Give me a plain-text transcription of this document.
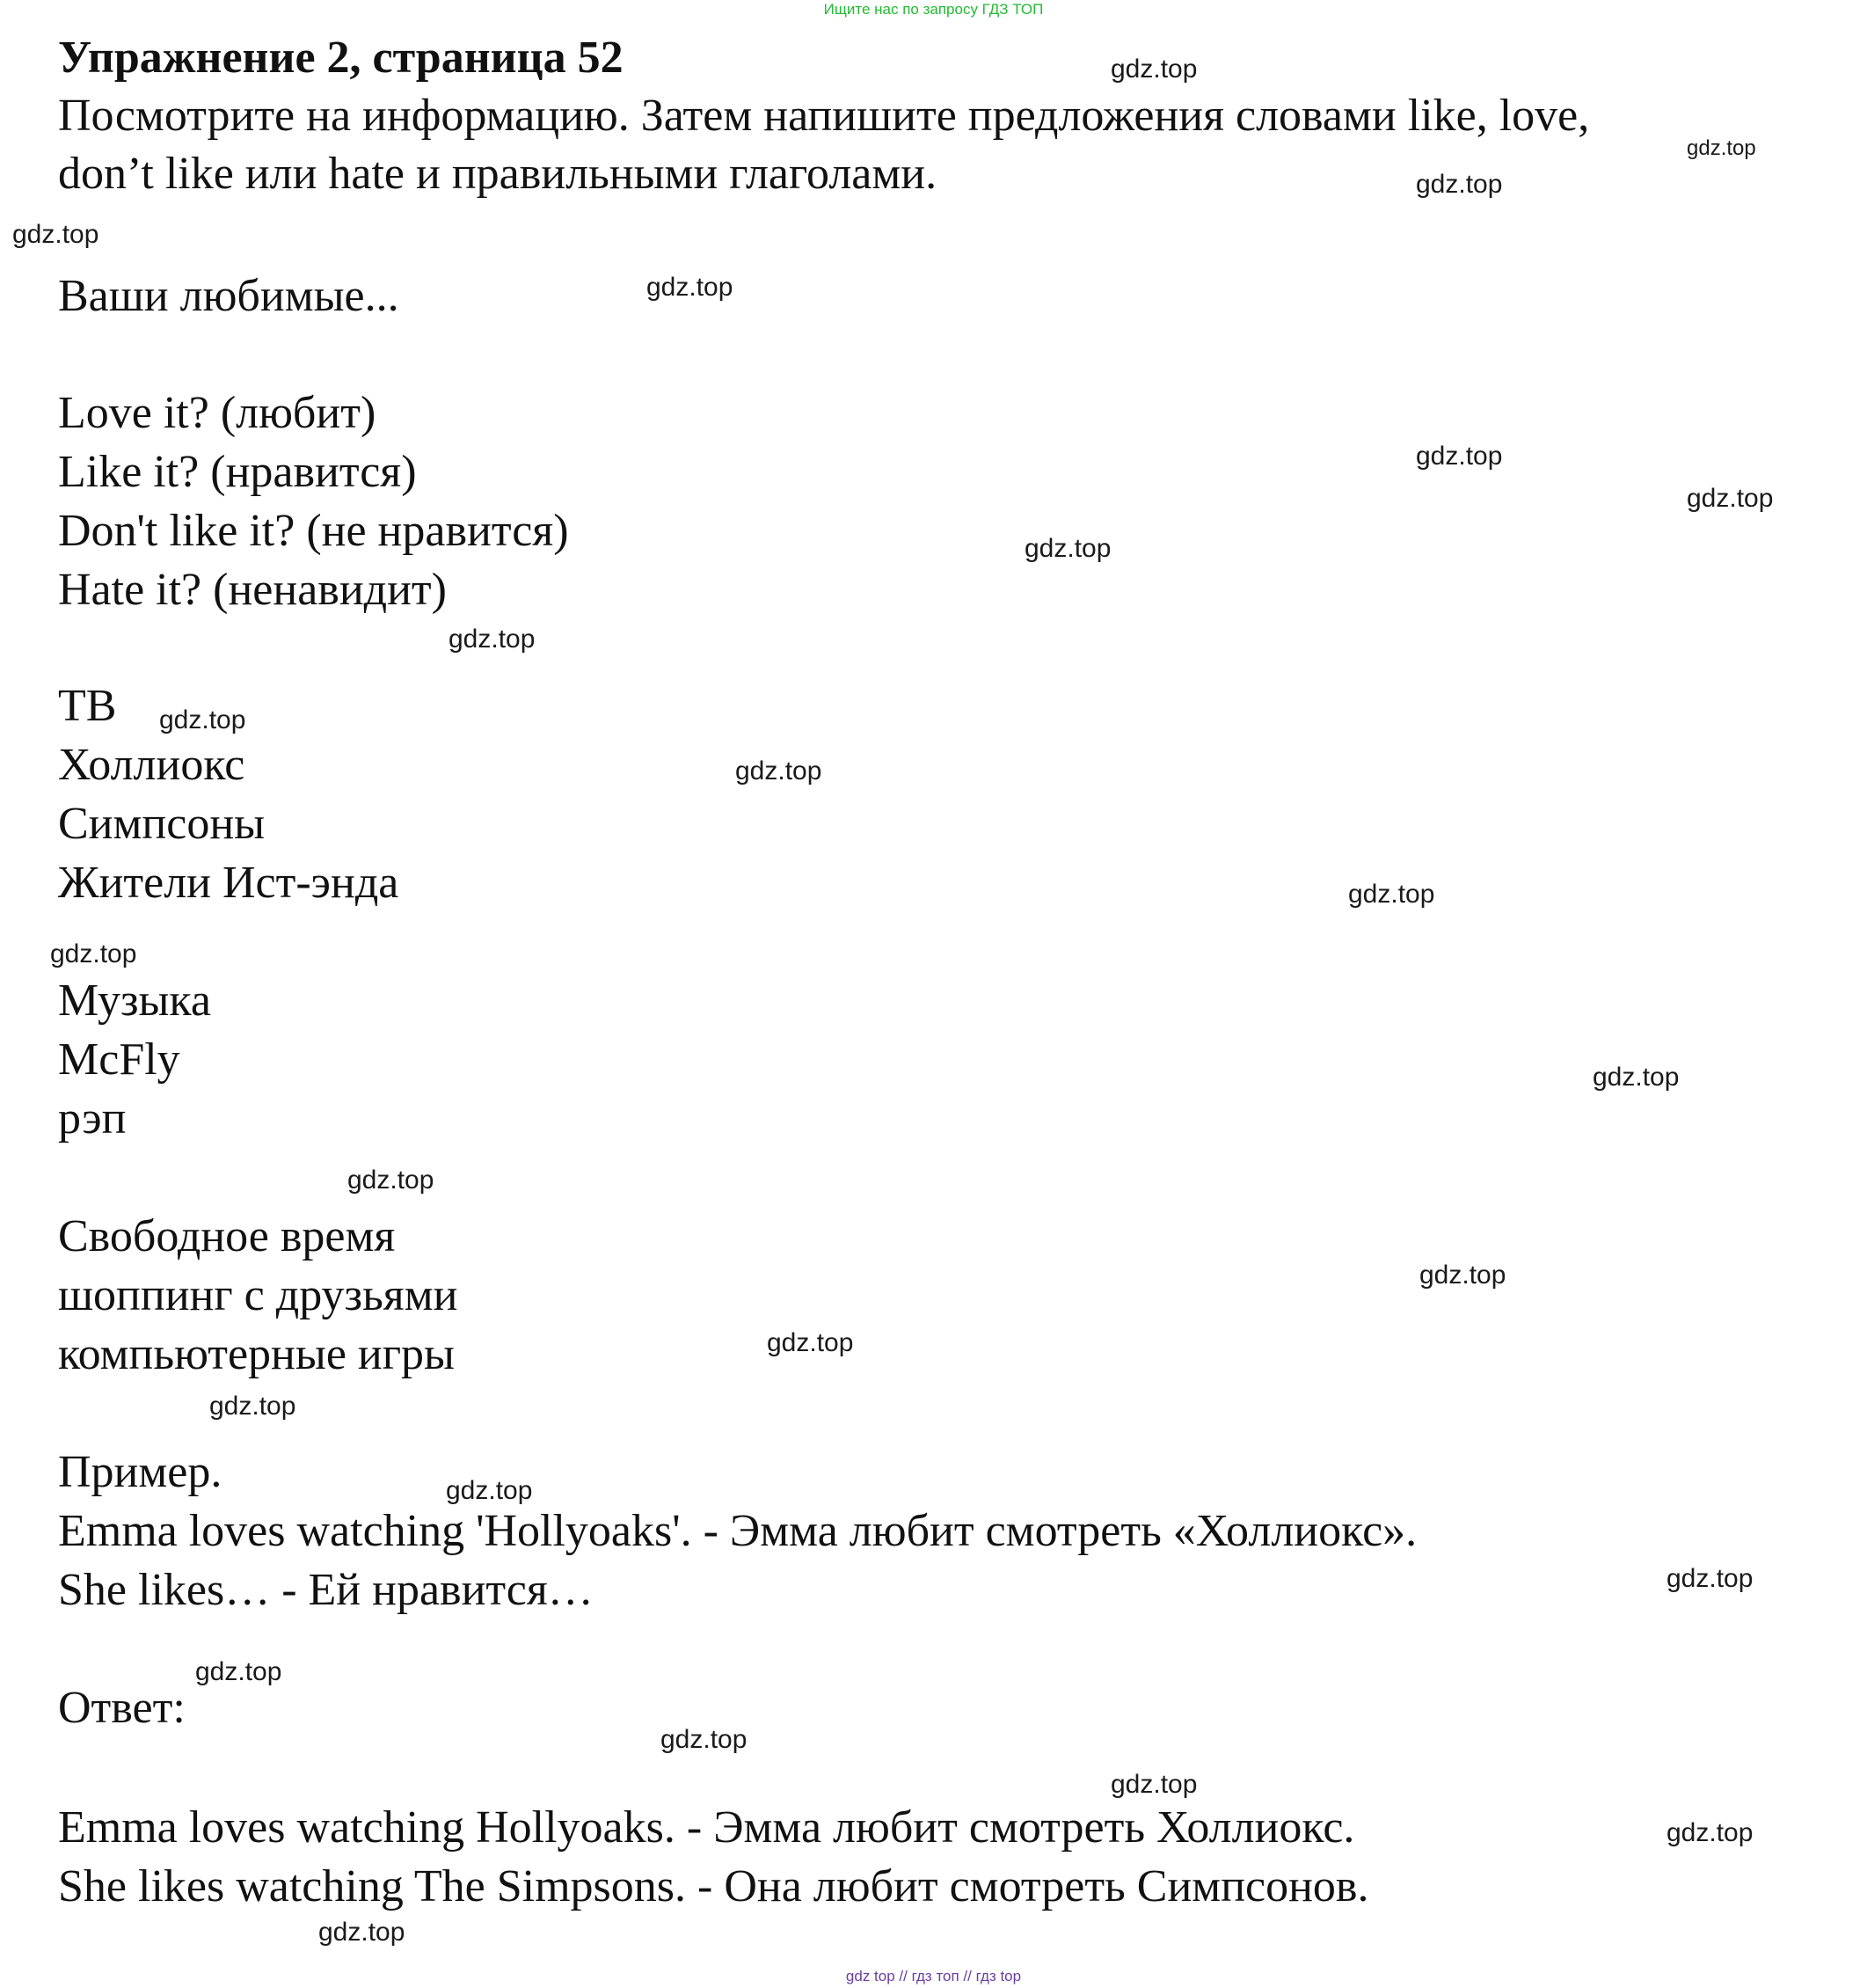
Ищите нас по запросу ГДЗ ТОП
Упражнение 2, страница 52
Посмотрите на информацию. Затем напишите предложения словами like, love,
don’t like или hate и правильными глаголами.
Ваши любимые...
Love it? (любит)
Like it? (нравится)
Don't like it? (не нравится)
Hate it? (ненавидит)
ТВ
Холлиокс
Симпсоны
Жители Ист-энда
Музыка
McFly
рэп
Свободное время
шоппинг с друзьями
компьютерные игры
Пример.
Emma loves watching 'Hollyoaks'. - Эмма любит смотреть «Холлиокс».
She likes… - Ей нравится…
Ответ:
Emma loves watching Hollyoaks. - Эмма любит смотреть Холлиокс.
She likes watching The Simpsons. - Она любит смотреть Симпсонов.
gdz.top
gdz.top
gdz.top
gdz.top
gdz.top
gdz.top
gdz.top
gdz.top
gdz.top
gdz.top
gdz.top
gdz.top
gdz.top
gdz.top
gdz.top
gdz.top
gdz.top
gdz.top
gdz.top
gdz.top
gdz.top
gdz.top
gdz.top
gdz.top
gdz.top
gdz top // гдз топ // гдз top
